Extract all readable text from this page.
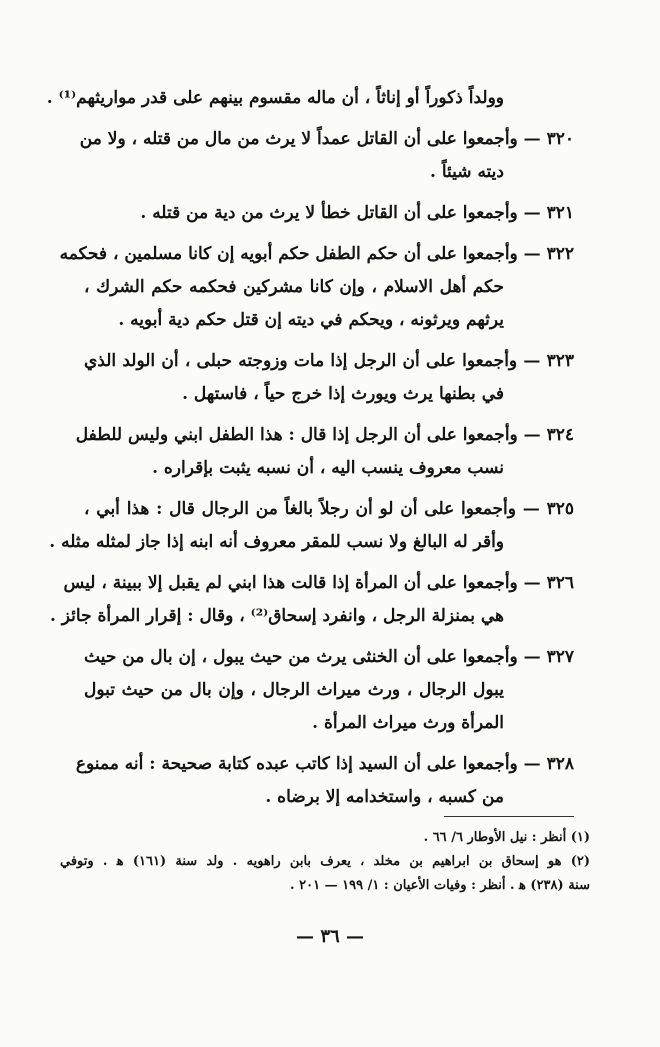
وولداً ذكوراً أو إناثاً ، أن ماله مقسوم بينهم على قدر مواريثهم⁽¹⁾ .
٣٢٠ — وأجمعوا على أن القاتل عمداً لا يرث من مال من قتله ، ولا من
ديته شيئاً .
٣٢١ — وأجمعوا على أن القاتل خطأ لا يرث من دية من قتله .
٣٢٢ — وأجمعوا على أن حكم الطفل حكم أبويه إن كانا مسلمين ، فحكمه
حكم أهل الاسلام ، وإن كانا مشركين فحكمه حكم الشرك ،
يرثهم ويرثونه ، ويحكم في ديته إن قتل حكم دية أبويه .
٣٢٣ — وأجمعوا على أن الرجل إذا مات وزوجته حبلى ، أن الولد الذي
في بطنها يرث ويورث إذا خرج حياً ، فاستهل .
٣٢٤ — وأجمعوا على أن الرجل إذا قال : هذا الطفل ابني وليس للطفل
نسب معروف ينسب اليه ، أن نسبه يثبت بإقراره .
٣٢٥ — وأجمعوا على أن لو أن رجلاً بالغاً من الرجال قال : هذا أبي ،
وأقر له البالغ ولا نسب للمقر معروف أنه ابنه إذا جاز لمثله مثله .
٣٢٦ — وأجمعوا على أن المرأة إذا قالت هذا ابني لم يقبل إلا ببينة ، ليس
هي بمنزلة الرجل ، وانفرد إسحاق⁽²⁾ ، وقال : إقرار المرأة جائز .
٣٢٧ — وأجمعوا على أن الخنثى يرث من حيث يبول ، إن بال من حيث
يبول الرجال ، ورث ميراث الرجال ، وإن بال من حيث تبول
المرأة ورث ميراث المرأة .
٣٢٨ — وأجمعوا على أن السيد إذا كاتب عبده كتابة صحيحة : أنه ممنوع
من كسبه ، واستخدامه إلا برضاه .
(١) أنظر : نيل الأوطار ٦/ ٦٦ .
(٢) هو إسحاق بن ابراهيم بن مخلد ، يعرف بابن راهويه . ولد سنة (١٦١) ﻫ . وتوفي
سنة (٢٣٨) ﻫ . أنظر : وفيات الأعيان : ١/ ١٩٩ — ٢٠١ .
— ٣٦ —
